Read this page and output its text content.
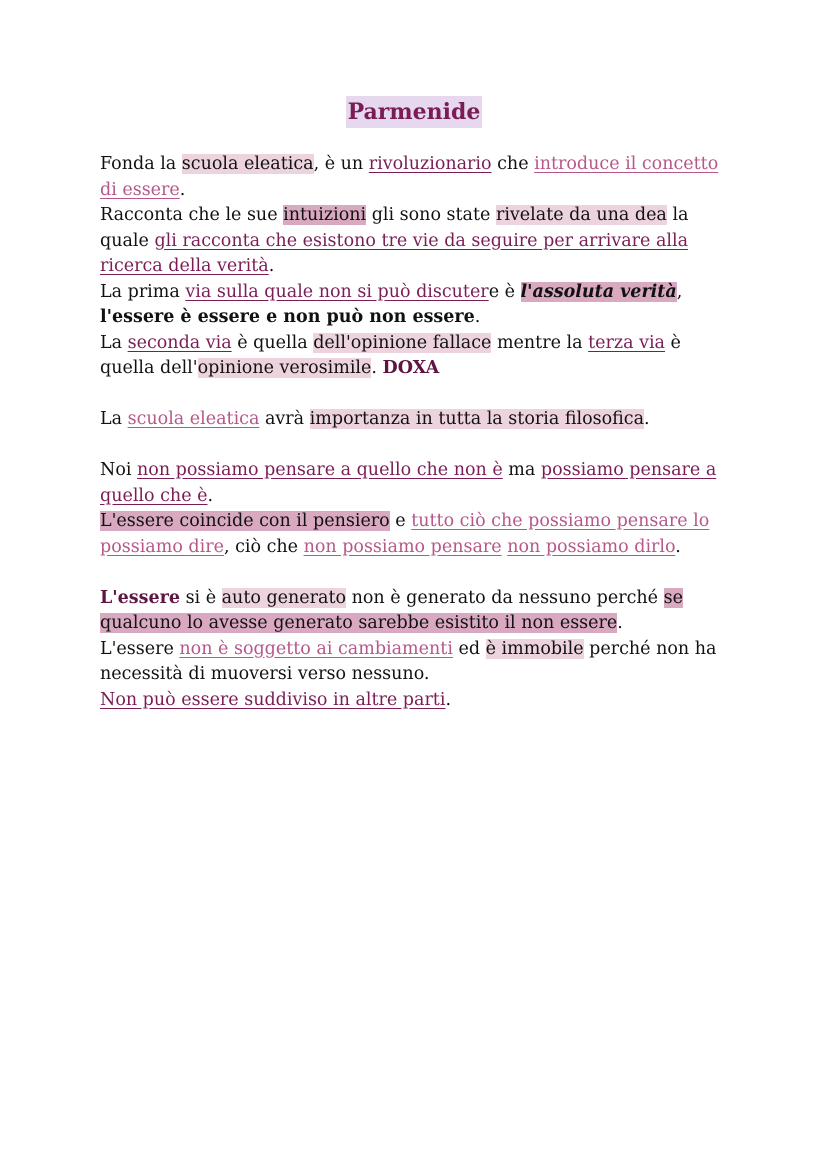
Parmenide

Fonda la scuola eleatica, è un rivoluzionario che introduce il concetto di essere.

Racconta che le sue intuizioni gli sono state rivelate da una dea la quale gli racconta che esistono tre vie da seguire per arrivare alla ricerca della verità.

La prima via sulla quale non si può discutere è l'assoluta verità, l'essere è essere e non può non essere.

La seconda via è quella dell'opinione fallace mentre la terza via è quella dell'opinione verosimile. DOXA

La scuola eleatica avrà importanza in tutta la storia filosofica.

Noi non possiamo pensare a quello che non è ma possiamo pensare a quello che è.

L'essere coincide con il pensiero e tutto ciò che possiamo pensare lo possiamo dire, ciò che non possiamo pensare non possiamo dirlo.

L'essere si è auto generato non è generato da nessuno perché se qualcuno lo avesse generato sarebbe esistito il non essere.

L'essere non è soggetto ai cambiamenti ed è immobile perché non ha necessità di muoversi verso nessuno.

Non può essere suddiviso in altre parti.
